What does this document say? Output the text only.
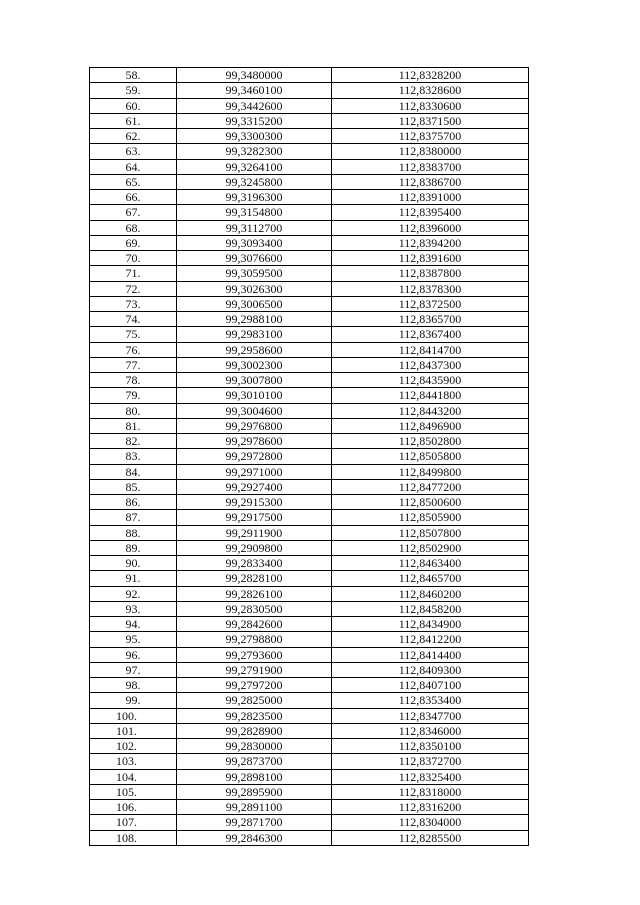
58.	99,3480000	112,8328200
59.	99,3460100	112,8328600
60.	99,3442600	112,8330600
61.	99,3315200	112,8371500
62.	99,3300300	112,8375700
63.	99,3282300	112,8380000
64.	99,3264100	112,8383700
65.	99,3245800	112,8386700
66.	99,3196300	112,8391000
67.	99,3154800	112,8395400
68.	99,3112700	112,8396000
69.	99,3093400	112,8394200
70.	99,3076600	112,8391600
71.	99,3059500	112,8387800
72.	99,3026300	112,8378300
73.	99,3006500	112,8372500
74.	99,2988100	112,8365700
75.	99,2983100	112,8367400
76.	99,2958600	112,8414700
77.	99,3002300	112,8437300
78.	99,3007800	112,8435900
79.	99,3010100	112,8441800
80.	99,3004600	112,8443200
81.	99,2976800	112,8496900
82.	99,2978600	112,8502800
83.	99,2972800	112,8505800
84.	99,2971000	112,8499800
85.	99,2927400	112,8477200
86.	99,2915300	112,8500600
87.	99,2917500	112,8505900
88.	99,2911900	112,8507800
89.	99,2909800	112,8502900
90.	99,2833400	112,8463400
91.	99,2828100	112,8465700
92.	99,2826100	112,8460200
93.	99,2830500	112,8458200
94.	99,2842600	112,8434900
95.	99,2798800	112,8412200
96.	99,2793600	112,8414400
97.	99,2791900	112,8409300
98.	99,2797200	112,8407100
99.	99,2825000	112,8353400
100.	99,2823500	112,8347700
101.	99,2828900	112,8346000
102.	99,2830000	112,8350100
103.	99,2873700	112,8372700
104.	99,2898100	112,8325400
105.	99,2895900	112,8318000
106.	99,2891100	112,8316200
107.	99,2871700	112,8304000
108.	99,2846300	112,8285500
